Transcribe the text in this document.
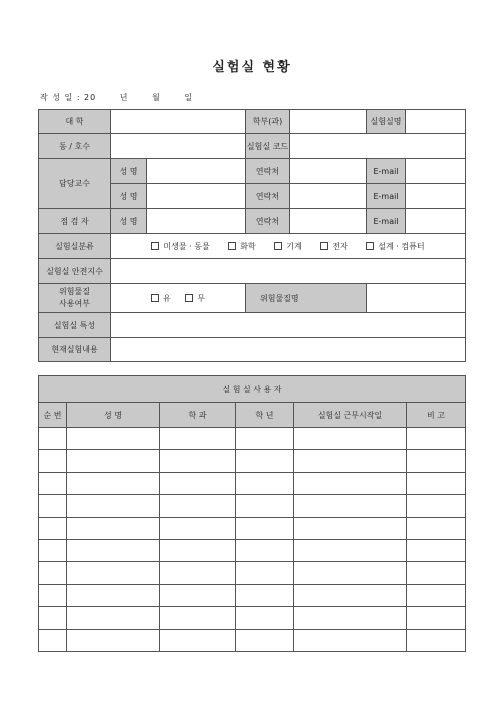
실험실 현황
작 성 일 : 20	년	월	일
대 학			학부(과)		실험실명	
동 / 호수			실험실 코드			
담당교수	성 명		연락처		E-mail	
	성 명		연락처		E-mail	
점 검 자	성 명		연락처		E-mail	
실험실분류	미생물 · 동물 화학 기계 전자 설계 · 컴퓨터					
실험실 안전지수						

위험물질
사용여부	유 무		위험물질명			
실험실 특성						
현재실험내용						
실 험 실 사 용 자					
순 번	성 명	학 과	학 년	실험실 근무시작일	비 고
